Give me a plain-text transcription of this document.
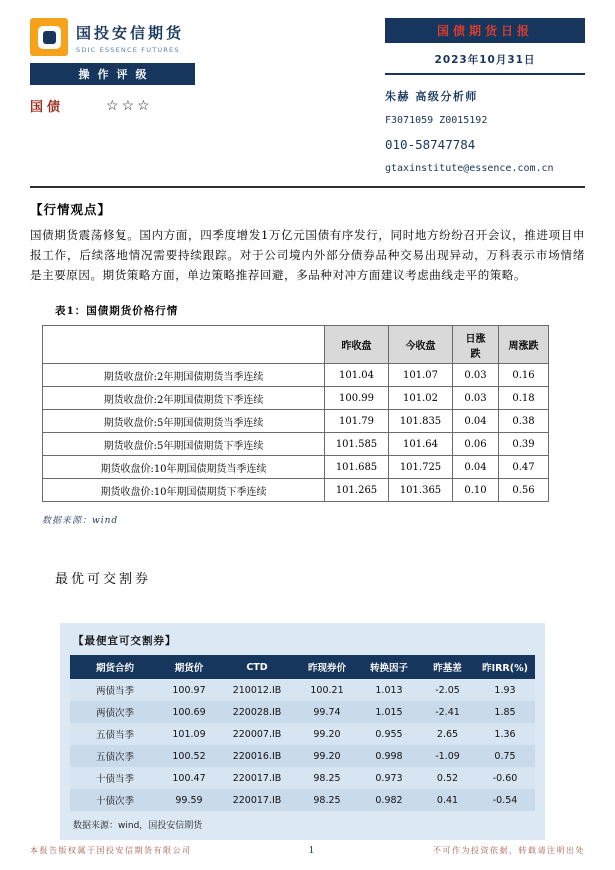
国投安信期货
SDIC ESSENCE FUTURES
操作评级
国债	☆☆☆
国债期货日报
2023年10月31日
朱赫 高级分析师
F3071059 Z0015192
010-58747784
gtaxinstitute@essence.com.cn
【行情观点】

国债期货震荡修复。国内方面，四季度增发1万亿元国债有序发行，同时地方纷纷召开会议，推进项目申报工作，后续落地情况需要持续跟踪。对于公司境内外部分债券品种交易出现异动，万科表示市场情绪是主要原因。期货策略方面，单边策略推荐回避，多品种对冲方面建议考虑曲线走平的策略。

表1：国债期货价格行情
	昨收盘	今收盘	日涨跌	周涨跌
期货收盘价:2年期国债期货当季连续	101.04	101.07	0.03	0.16
期货收盘价:2年期国债期货下季连续	100.99	101.02	0.03	0.18
期货收盘价:5年期国债期货当季连续	101.79	101.835	0.04	0.38
期货收盘价:5年期国债期货下季连续	101.585	101.64	0.06	0.39
期货收盘价:10年期国债期货当季连续	101.685	101.725	0.04	0.47
期货收盘价:10年期国债期货下季连续	101.265	101.365	0.10	0.56
数据来源：wind
最优可交割券
【最便宜可交割券】
期货合约	期货价	CTD	昨现券价	转换因子	昨基差	昨IRR(%)
两债当季	100.97	210012.IB	100.21	1.013	-2.05	1.93
两债次季	100.69	220028.IB	99.74	1.015	-2.41	1.85
五债当季	101.09	220007.IB	99.20	0.955	2.65	1.36
五债次季	100.52	220016.IB	99.20	0.998	-1.09	0.75
十债当季	100.47	220017.IB	98.25	0.973	0.52	-0.60
十债次季	99.59	220017.IB	98.25	0.982	0.41	-0.54
数据来源：wind，国投安信期货
本报告版权属于国投安信期货有限公司	1	不可作为投资依据，转载请注明出处
